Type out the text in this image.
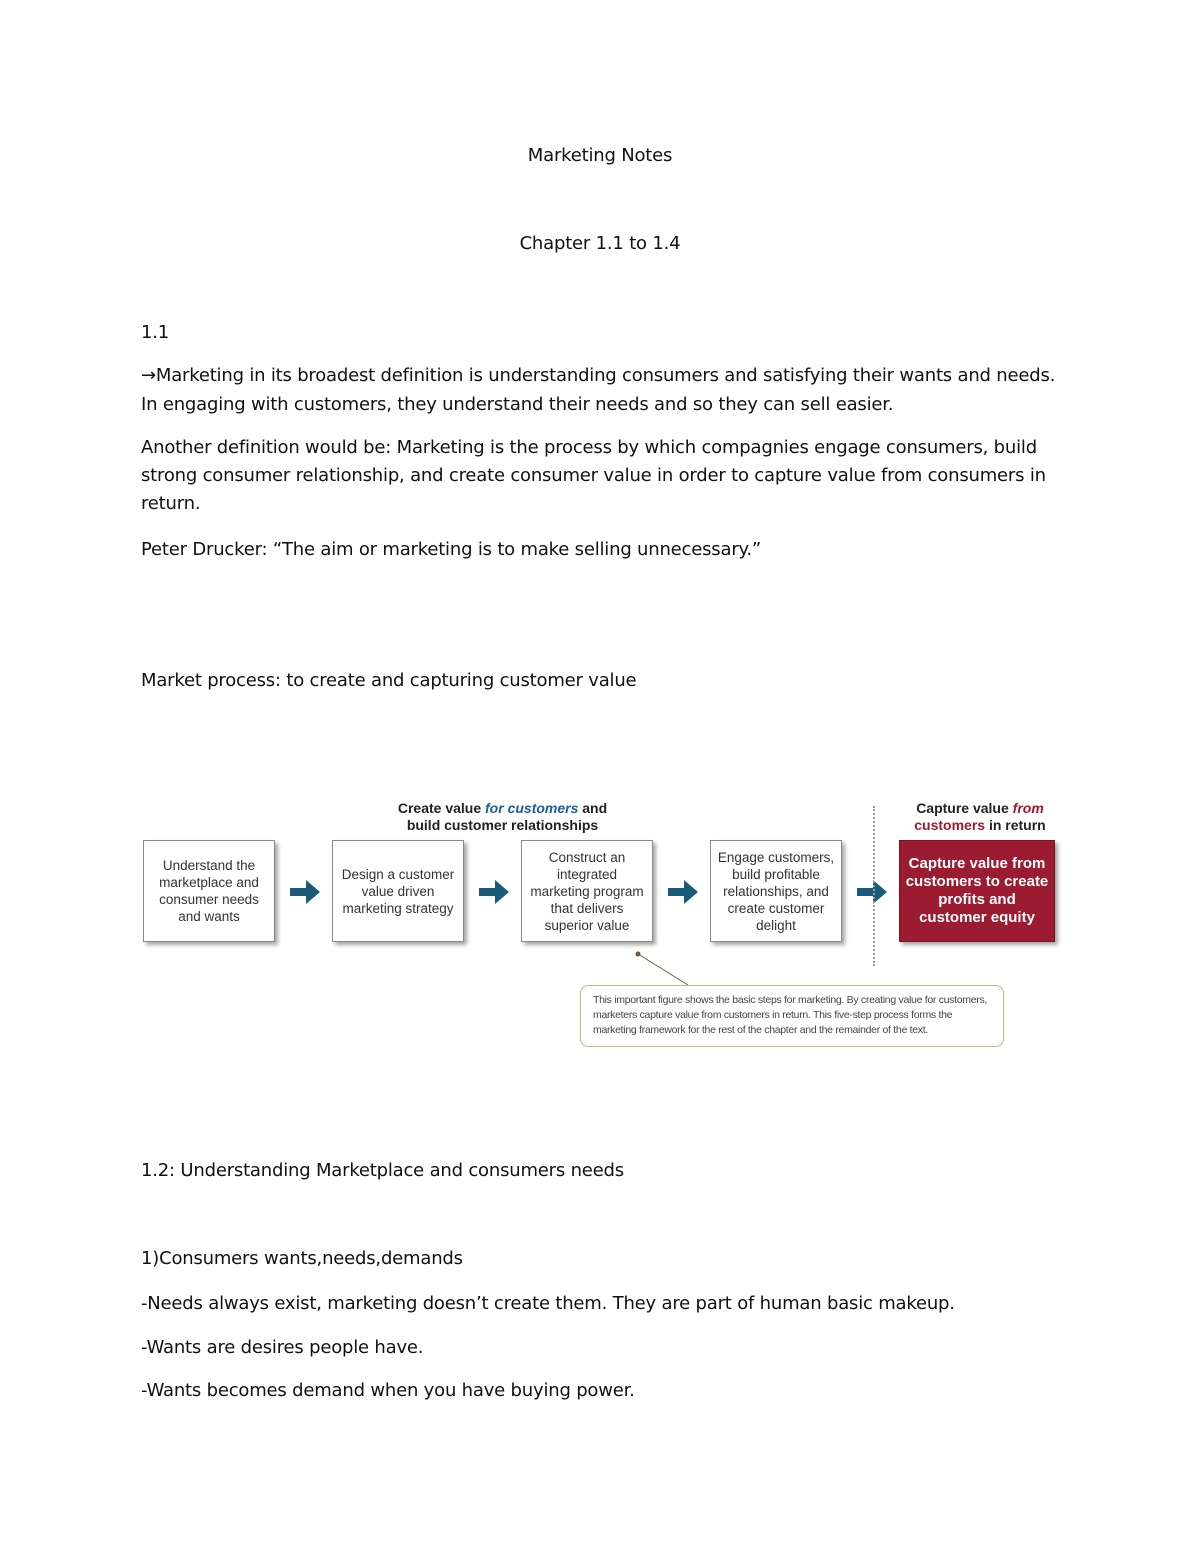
Marketing Notes

Chapter 1.1 to 1.4

1.1

→Marketing in its broadest definition is understanding consumers and satisfying their wants and needs.

In engaging with customers, they understand their needs and so they can sell easier.

Another definition would be: Marketing is the process by which compagnies engage consumers, build strong consumer relationship, and create consumer value in order to capture value from consumers in return.

Peter Drucker: “The aim or marketing is to make selling unnecessary.”

Market process: to create and capturing customer value

Create value for customers and
build customer relationships
Capture value from
customers in return
Understand the marketplace and consumer needs and wants
Design a customer value driven marketing strategy
Construct an integrated marketing program that delivers superior value
Engage customers, build profitable relationships, and create customer delight
Capture value from customers to create profits and customer equity
This important figure shows the basic steps for marketing. By creating value for customers, marketers capture value from customers in return. This five-step process forms the marketing framework for the rest of the chapter and the remainder of the text.

1.2: Understanding Marketplace and consumers needs

1)Consumers wants,needs,demands

-Needs always exist, marketing doesn’t create them. They are part of human basic makeup.

-Wants are desires people have.

-Wants becomes demand when you have buying power.
